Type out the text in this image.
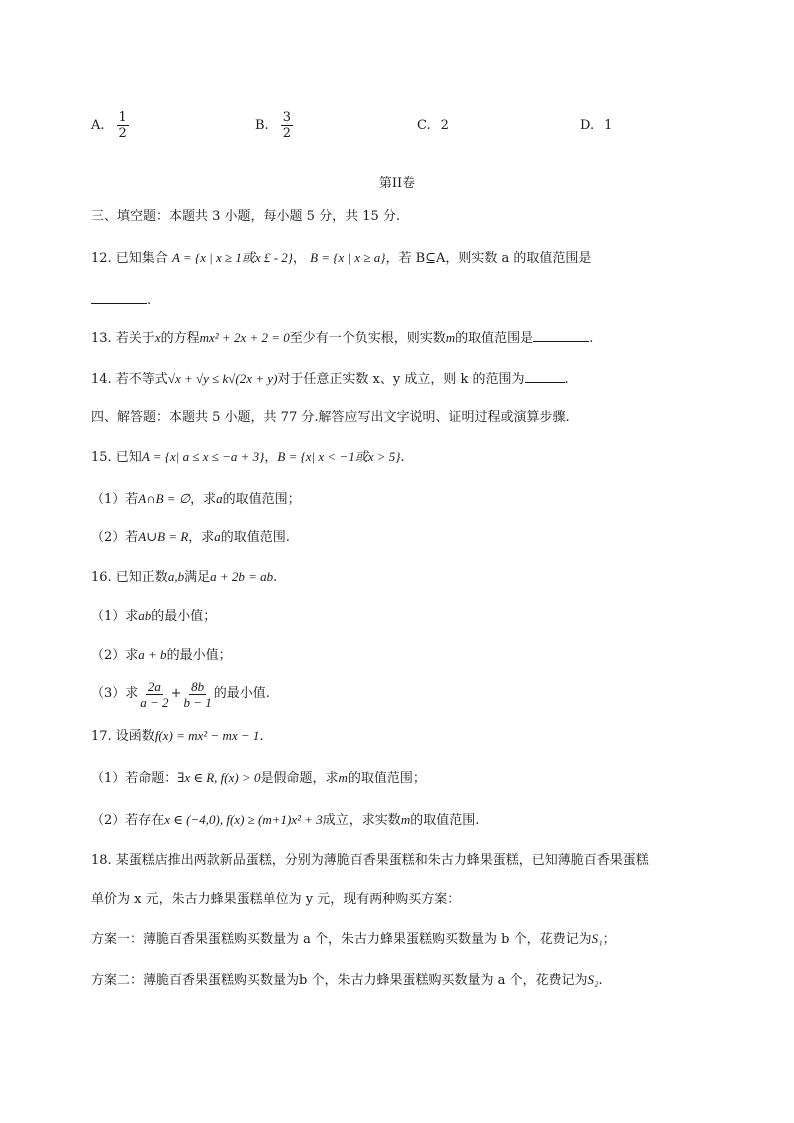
A. $\frac{1}{2}$	B. $\frac{3}{2}$	C. 2	D. 1
第II卷
三、填空题：本题共 3 小题，每小题 5 分，共 15 分.
12. 已知集合 A = {x | x ≥ 1或x £ - 2}， B = {x | x ≥ a}，若 B⊆A，则实数 a 的取值范围是
.
13. 若关于x的方程mx² + 2x + 2 = 0至少有一个负实根，则实数m的取值范围是	.
14. 若不等式√x + √y ≤ k√(2x + y)对于任意正实数 x、y 成立，则 k 的范围为	.
四、解答题：本题共 5 小题，共 77 分.解答应写出文字说明、证明过程或演算步骤.
15. 已知A = {x| a ≤ x ≤ −a + 3}，B = {x| x < −1或x > 5}.
（1）若A∩B = ∅，求a的取值范围；
（2）若A∪B = R，求a的取值范围.
16. 已知正数a,b满足a + 2b = ab.
（1）求ab的最小值；
（2）求a + b的最小值；
（3）求 $\frac{2a}{a - 2} + \frac{8b}{b - 1}$ 的最小值.
17. 设函数f(x) = mx² − mx − 1.
（1）若命题：∃x ∈ R, f(x) > 0是假命题，求m的取值范围；
（2）若存在x ∈ (−4,0), f(x) ≥ (m+1)x² + 3成立，求实数m的取值范围.
18. 某蛋糕店推出两款新品蛋糕，分别为薄脆百香果蛋糕和朱古力蜂果蛋糕，已知薄脆百香果蛋糕
单价为 x 元，朱古力蜂果蛋糕单位为 y 元，现有两种购买方案：
方案一：薄脆百香果蛋糕购买数量为 a 个，朱古力蜂果蛋糕购买数量为 b 个，花费记为S₁；
方案二：薄脆百香果蛋糕购买数量为b 个，朱古力蜂果蛋糕购买数量为 a 个，花费记为S₂.
